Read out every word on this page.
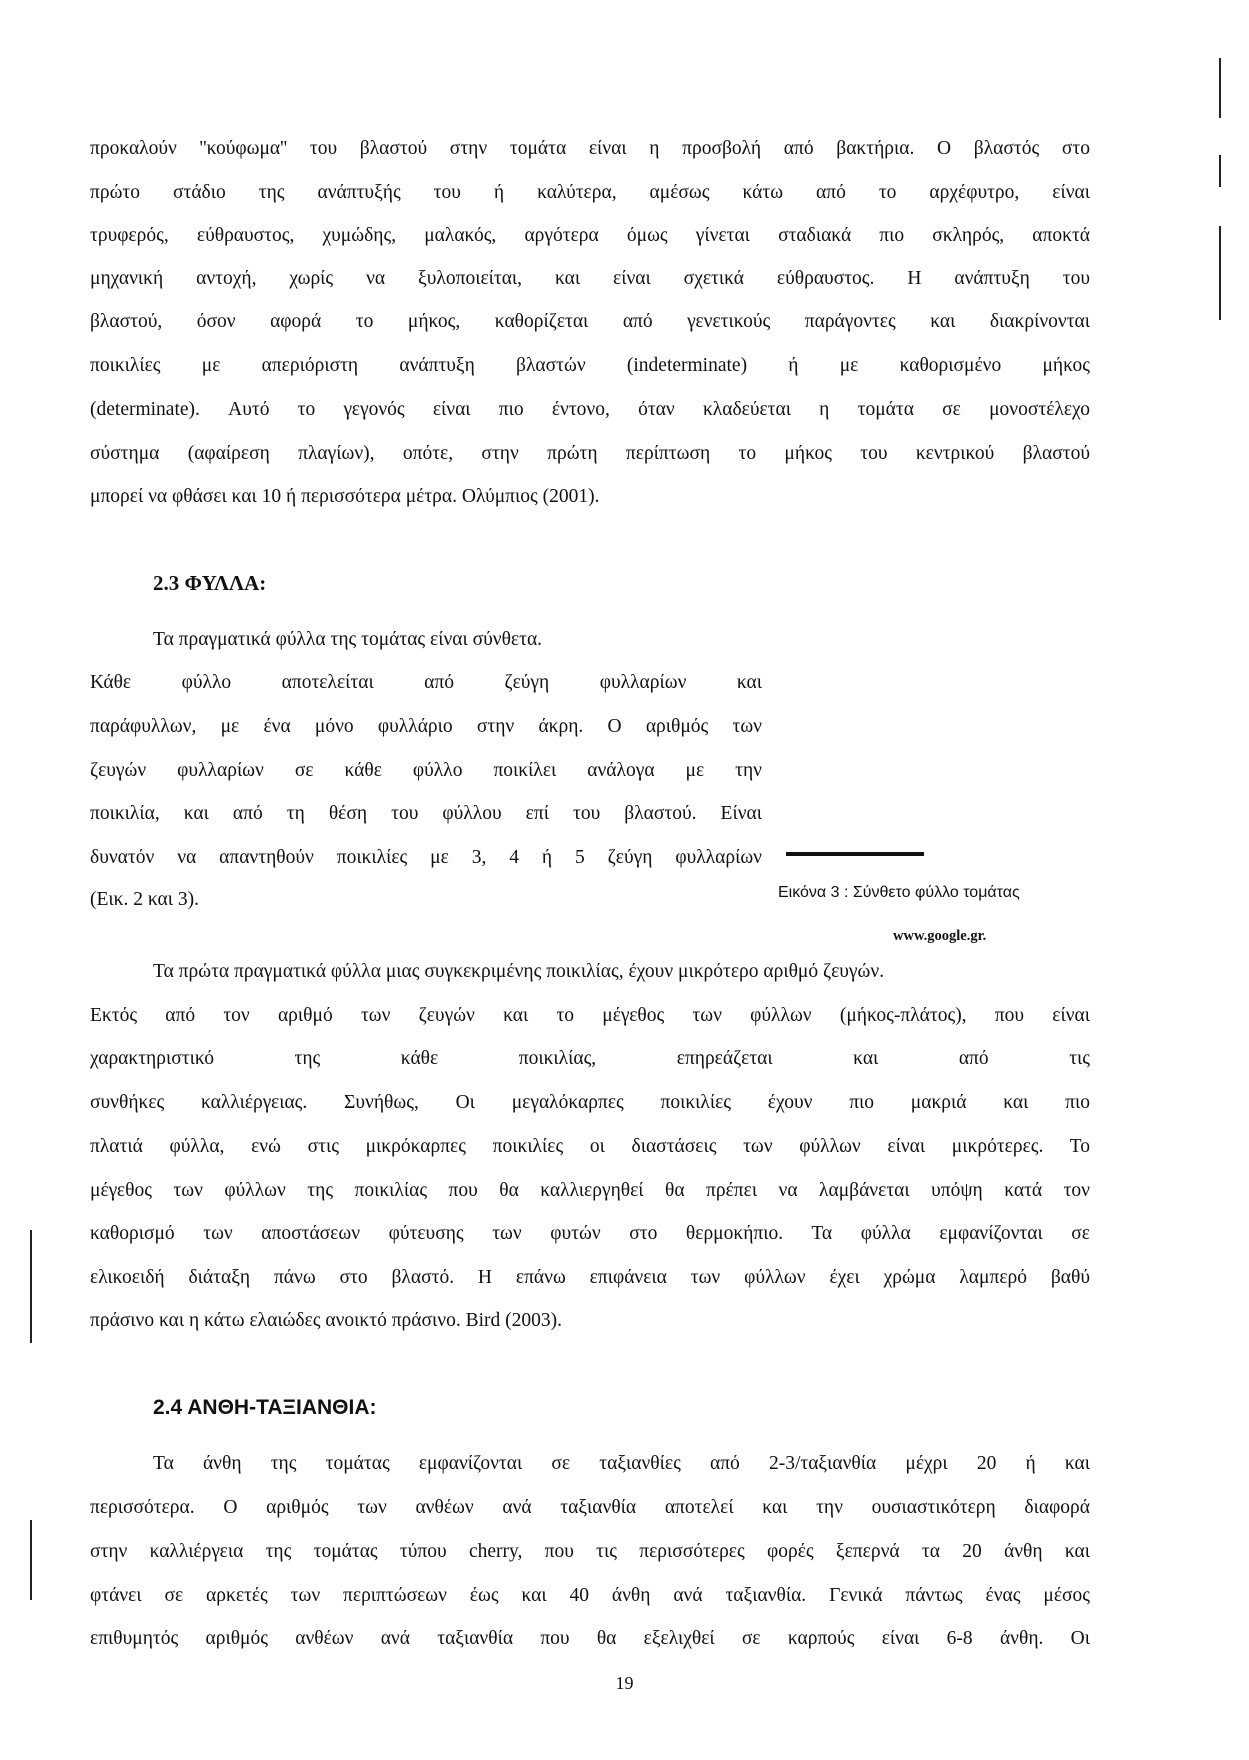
προκαλούν ''κούφωμα'' του βλαστού στην τομάτα είναι η προσβολή από βακτήρια. Ο βλαστός στο
πρώτο στάδιο της ανάπτυξής του ή καλύτερα, αμέσως κάτω από το αρχέφυτρο, είναι
τρυφερός, εύθραυστος, χυμώδης, μαλακός, αργότερα όμως γίνεται σταδιακά πιο σκληρός, αποκτά
μηχανική αντοχή, χωρίς να ξυλοποιείται, και είναι σχετικά εύθραυστος. Η ανάπτυξη του
βλαστού, όσον αφορά το μήκος, καθορίζεται από γενετικούς παράγοντες και διακρίνονται
ποικιλίες με απεριόριστη ανάπτυξη βλαστών (indeterminate) ή με καθορισμένο μήκος
(determinate). Αυτό το γεγονός είναι πιο έντονο, όταν κλαδεύεται η τομάτα σε μονοστέλεχο
σύστημα (αφαίρεση πλαγίων), οπότε, στην πρώτη περίπτωση το μήκος του κεντρικού βλαστού
μπορεί να φθάσει και 10 ή περισσότερα μέτρα. Ολύμπιος (2001).
2.3 ΦΥΛΛΑ:
Τα πραγματικά φύλλα της τομάτας είναι σύνθετα.
Κάθε φύλλο αποτελείται από ζεύγη φυλλαρίων και
παράφυλλων, με ένα μόνο φυλλάριο στην άκρη. Ο αριθμός των
ζευγών φυλλαρίων σε κάθε φύλλο ποικίλει ανάλογα με την
ποικιλία, και από τη θέση του φύλλου επί του βλαστού. Είναι
δυνατόν να απαντηθούν ποικιλίες με 3, 4 ή 5 ζεύγη φυλλαρίων
(Εικ. 2 και 3).	Εικόνα 3 : Σύνθετο φύλλο τομάτας
www.google.gr.
Τα πρώτα πραγματικά φύλλα μιας συγκεκριμένης ποικιλίας, έχουν μικρότερο αριθμό ζευγών.
Εκτός από τον αριθμό των ζευγών και το μέγεθος των φύλλων (μήκος-πλάτος), που είναι
χαρακτηριστικό της κάθε ποικιλίας, επηρεάζεται και από τις
συνθήκες καλλιέργειας. Συνήθως, Οι μεγαλόκαρπες ποικιλίες έχουν πιο μακριά και πιο
πλατιά φύλλα, ενώ στις μικρόκαρπες ποικιλίες οι διαστάσεις των φύλλων είναι μικρότερες. Το
μέγεθος των φύλλων της ποικιλίας που θα καλλιεργηθεί θα πρέπει να λαμβάνεται υπόψη κατά τον
καθορισμό των αποστάσεων φύτευσης των φυτών στο θερμοκήπιο. Τα φύλλα εμφανίζονται σε
ελικοειδή διάταξη πάνω στο βλαστό. Η επάνω επιφάνεια των φύλλων έχει χρώμα λαμπερό βαθύ
πράσινο και η κάτω ελαιώδες ανοικτό πράσινο. Bird (2003).
2.4 ΑΝΘΗ-ΤΑΞΙΑΝΘΙΑ:
Τα άνθη της τομάτας εμφανίζονται σε ταξιανθίες από 2-3/ταξιανθία μέχρι 20 ή και
περισσότερα. Ο αριθμός των ανθέων ανά ταξιανθία αποτελεί και την ουσιαστικότερη διαφορά
στην καλλιέργεια της τομάτας τύπου cherry, που τις περισσότερες φορές ξεπερνά τα 20 άνθη και
φτάνει σε αρκετές των περιπτώσεων έως και 40 άνθη ανά ταξιανθία. Γενικά πάντως ένας μέσος
επιθυμητός αριθμός ανθέων ανά ταξιανθία που θα εξελιχθεί σε καρπούς είναι 6-8 άνθη. Οι
19
